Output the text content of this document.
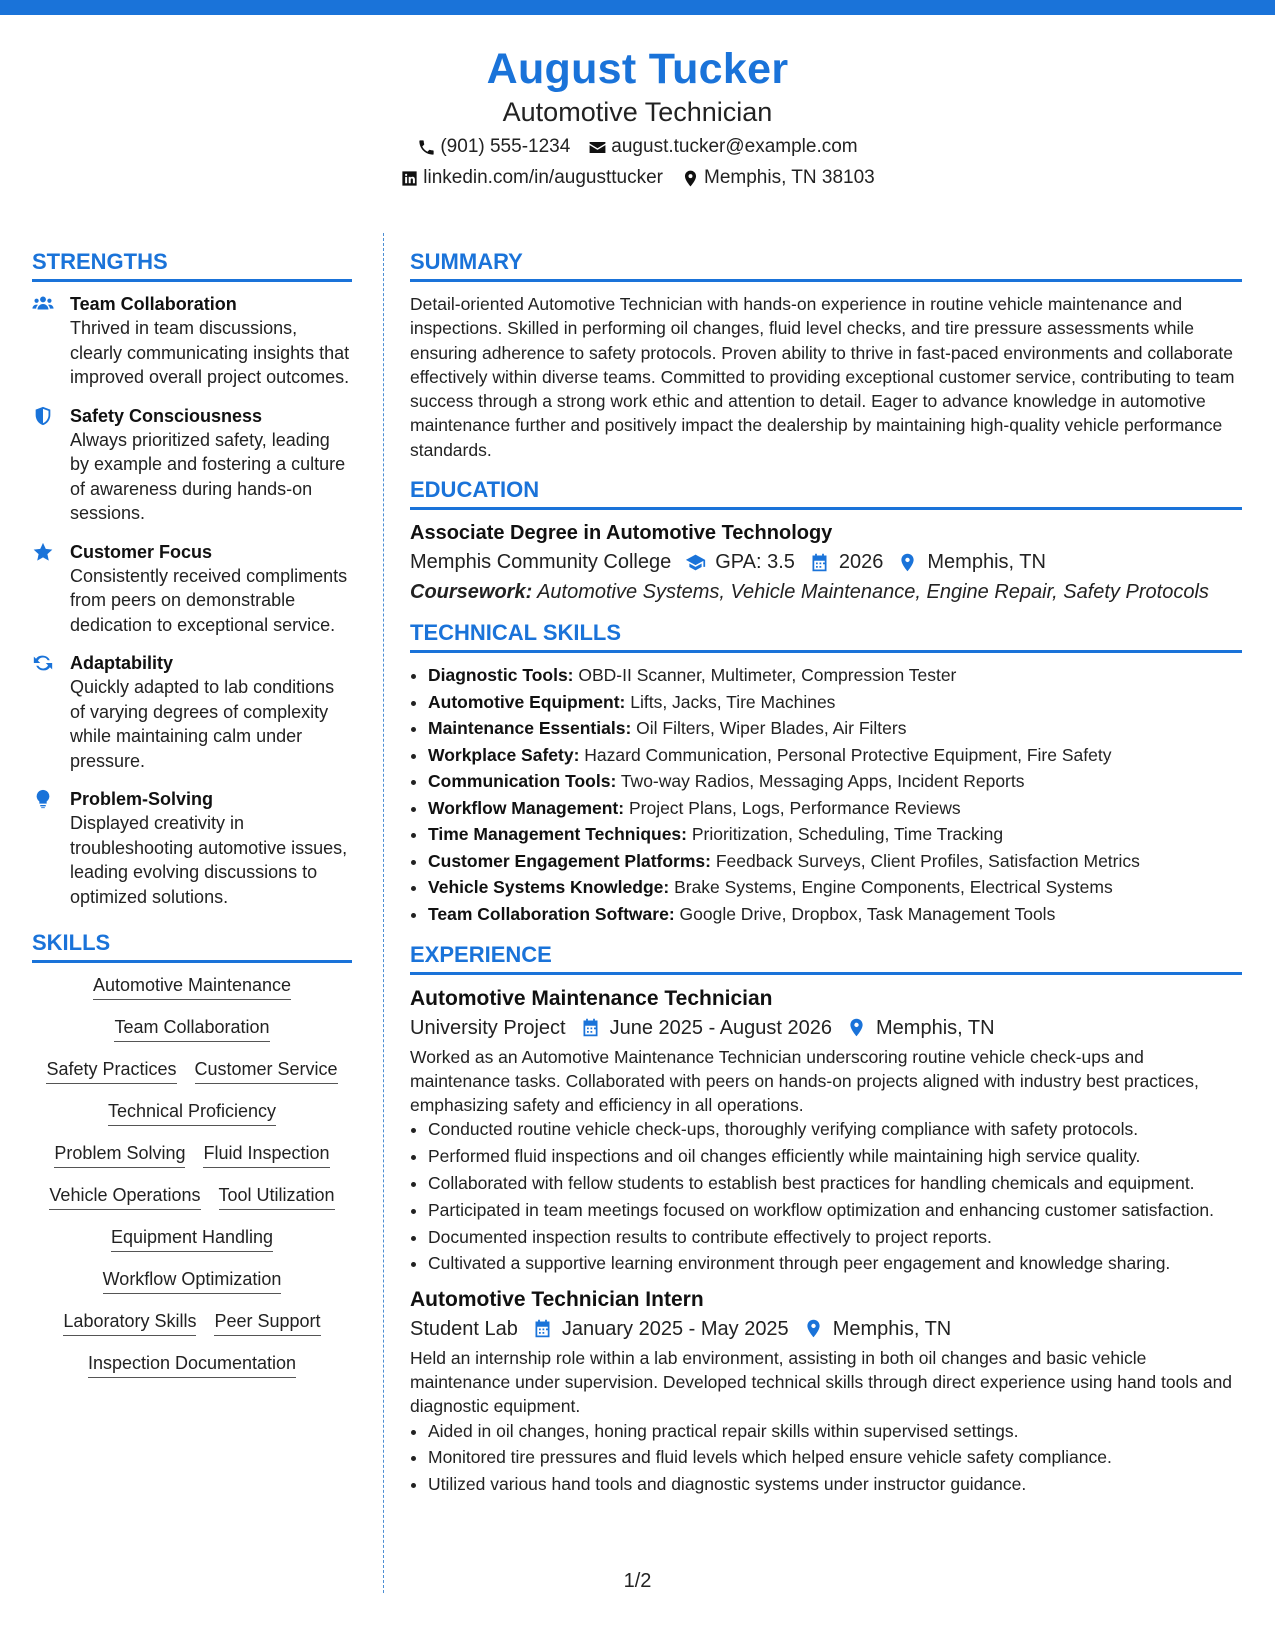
August Tucker
Automotive Technician
(901) 555-1234 august.tucker@example.com
linkedin.com/in/augusttucker Memphis, TN 38103
STRENGTHS
Team Collaboration
Thrived in team discussions, clearly communicating insights that improved overall project outcomes.
Safety Consciousness
Always prioritized safety, leading by example and fostering a culture of awareness during hands-on sessions.
Customer Focus
Consistently received compliments from peers on demonstrable dedication to exceptional service.
Adaptability
Quickly adapted to lab conditions of varying degrees of complexity while maintaining calm under pressure.
Problem-Solving
Displayed creativity in troubleshooting automotive issues, leading evolving discussions to optimized solutions.
SKILLS
Automotive Maintenance
Team Collaboration
Safety Practices Customer Service
Technical Proficiency
Problem Solving Fluid Inspection
Vehicle Operations Tool Utilization
Equipment Handling
Workflow Optimization
Laboratory Skills Peer Support
Inspection Documentation
SUMMARY

Detail-oriented Automotive Technician with hands-on experience in routine vehicle maintenance and inspections. Skilled in performing oil changes, fluid level checks, and tire pressure assessments while ensuring adherence to safety protocols. Proven ability to thrive in fast-paced environments and collaborate effectively within diverse teams. Committed to providing exceptional customer service, contributing to team success through a strong work ethic and attention to detail. Eager to advance knowledge in automotive maintenance further and positively impact the dealership by maintaining high-quality vehicle performance standards.

EDUCATION
Associate Degree in Automotive Technology
Memphis Community College GPA: 3.5 2026 Memphis, TN
Coursework: Automotive Systems, Vehicle Maintenance, Engine Repair, Safety Protocols
TECHNICAL SKILLS
• Diagnostic Tools: OBD-II Scanner, Multimeter, Compression Tester
• Automotive Equipment: Lifts, Jacks, Tire Machines
• Maintenance Essentials: Oil Filters, Wiper Blades, Air Filters
• Workplace Safety: Hazard Communication, Personal Protective Equipment, Fire Safety
• Communication Tools: Two-way Radios, Messaging Apps, Incident Reports
• Workflow Management: Project Plans, Logs, Performance Reviews
• Time Management Techniques: Prioritization, Scheduling, Time Tracking
• Customer Engagement Platforms: Feedback Surveys, Client Profiles, Satisfaction Metrics
• Vehicle Systems Knowledge: Brake Systems, Engine Components, Electrical Systems
• Team Collaboration Software: Google Drive, Dropbox, Task Management Tools
EXPERIENCE
Automotive Maintenance Technician
University Project June 2025 - August 2026 Memphis, TN
Worked as an Automotive Maintenance Technician underscoring routine vehicle check-ups and maintenance tasks. Collaborated with peers on hands-on projects aligned with industry best practices, emphasizing safety and efficiency in all operations.
• Conducted routine vehicle check-ups, thoroughly verifying compliance with safety protocols.
• Performed fluid inspections and oil changes efficiently while maintaining high service quality.
• Collaborated with fellow students to establish best practices for handling chemicals and equipment.
• Participated in team meetings focused on workflow optimization and enhancing customer satisfaction.
• Documented inspection results to contribute effectively to project reports.
• Cultivated a supportive learning environment through peer engagement and knowledge sharing.
Automotive Technician Intern
Student Lab January 2025 - May 2025 Memphis, TN
Held an internship role within a lab environment, assisting in both oil changes and basic vehicle maintenance under supervision. Developed technical skills through direct experience using hand tools and diagnostic equipment.
• Aided in oil changes, honing practical repair skills within supervised settings.
• Monitored tire pressures and fluid levels which helped ensure vehicle safety compliance.
• Utilized various hand tools and diagnostic systems under instructor guidance.
1/2
